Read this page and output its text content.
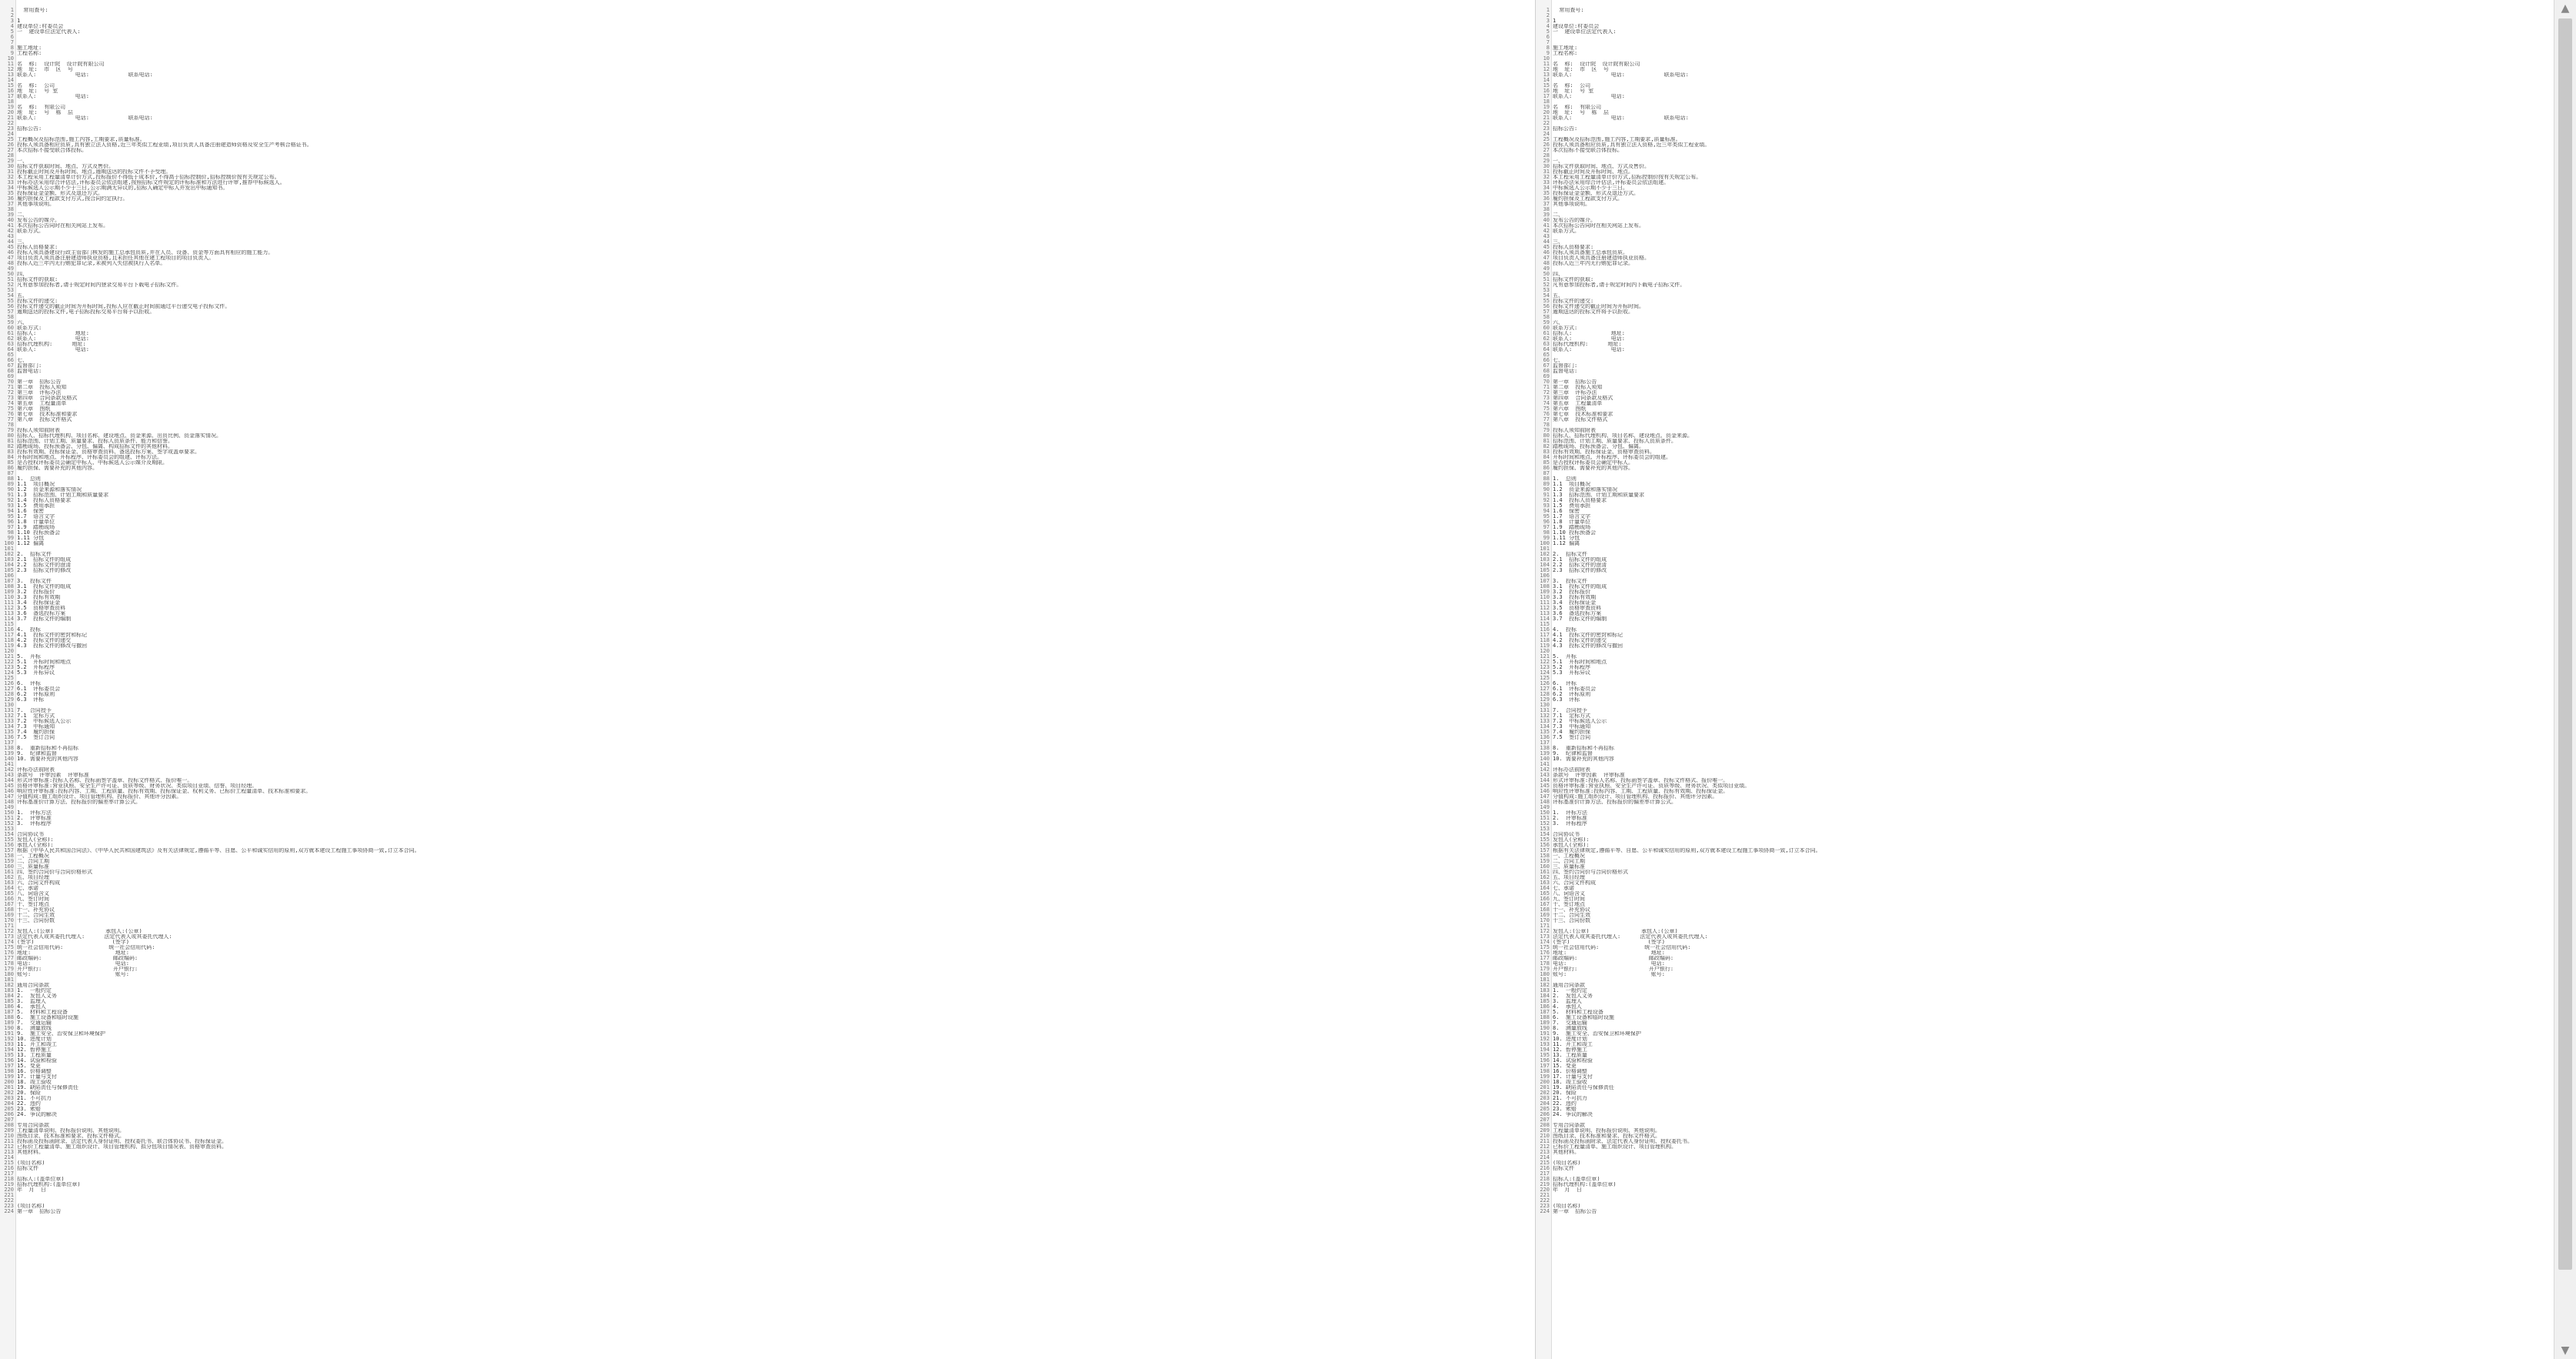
1  常用查号:
2
3 1
4 建设单位:村委员会
5 一  建设单位法定代表人:
6
7
8 施工地址:
9 工程名称:
10
11 名  称:  设计院  设计院有限公司
12 地  址:  市  区  号
13 联系人:            电话:            联系电话:
14
15 名  称:  公司
16 地  址:  号 室
17 联系人:            电话:
18
19 名  称:  有限公司
20 地  址:  号  栋  层
21 联系人:            电话:            联系电话:
22
23 招标公告:
24
25 工程概况及招标范围,施工内容,工期要求,质量标准。
26 投标人须具备相应资质,具有独立法人资格,近三年类似工程业绩,项目负责人具备注册建造师资格及安全生产考核合格证书。
27 本次招标不接受联合体投标。
28
29 一、
30 招标文件获取时间、地点、方式及售价。
31 投标截止时间及开标时间、地点,逾期送达的投标文件不予受理。
32 本工程采用工程量清单计价方式,投标报价不得低于成本价,不得高于招标控制价,招标控制价按有关规定公布。
33 评标办法采用综合评估法,评标委员会依法组建,按照招标文件规定的评标标准和方法进行评审,推荐中标候选人。
34 中标候选人公示期不少于三日,公示期满无异议的,招标人确定中标人并发出中标通知书。
35 投标保证金金额、形式及退还方式。
36 履约担保及工程款支付方式,按合同约定执行。
37 其他事项说明。
38
39 二、
40 发布公告的媒介。
41 本次招标公告同时在相关网站上发布。
42 联系方式。
43
44 三、
45 投标人资格要求:
46 投标人须具备建设行政主管部门核发的施工总承包资质,并在人员、设备、资金等方面具有相应的施工能力。
47 项目负责人须具备注册建造师执业资格,且未担任其他在建工程项目的项目负责人。
48 投标人近三年内无行贿犯罪记录,未被列入失信被执行人名单。
49
50 四、
51 招标文件的获取:
52 凡有意参加投标者,请于规定时间内登录交易平台下载电子招标文件。
53
54 五、
55 投标文件的递交:
56 投标文件递交的截止时间为开标时间,投标人应在截止时间前通过平台递交电子投标文件。
57 逾期送达的投标文件,电子招标投标交易平台将予以拒收。
58
59 六、
60 联系方式:
61 招标人:            地址:
62 联系人:            电话:
63 招标代理机构:      地址:
64 联系人:            电话:
65
66 七、
67 监督部门:
68 监督电话:
69
70 第一章  招标公告
71 第二章  投标人须知
72 第三章  评标办法
73 第四章  合同条款及格式
74 第五章  工程量清单
75 第六章  图纸
76 第七章  技术标准和要求
77 第八章  投标文件格式
78
79 投标人须知前附表
80 招标人、招标代理机构、项目名称、建设地点、资金来源、出资比例、资金落实情况。
81 招标范围、计划工期、质量要求、投标人资质条件、能力和信誉。
82 踏勘现场、投标预备会、分包、偏离、构成招标文件的其他材料。
83 投标有效期、投标保证金、资格审查资料、备选投标方案、签字或盖章要求。
84 开标时间和地点、开标程序、评标委员会的组建、评标方法。
85 是否授权评标委员会确定中标人、中标候选人公示媒介及期限。
86 履约担保、需要补充的其他内容。
87
88 1.  总则
89 1.1  项目概况
90 1.2  资金来源和落实情况
91 1.3  招标范围、计划工期和质量要求
92 1.4  投标人资格要求
93 1.5  费用承担
94 1.6  保密
95 1.7  语言文字
96 1.8  计量单位
97 1.9  踏勘现场
98 1.10 投标预备会
99 1.11 分包
100 1.12 偏离
101
102 2.  招标文件
103 2.1  招标文件的组成
104 2.2  招标文件的澄清
105 2.3  招标文件的修改
106
107 3.  投标文件
108 3.1  投标文件的组成
109 3.2  投标报价
110 3.3  投标有效期
111 3.4  投标保证金
112 3.5  资格审查资料
113 3.6  备选投标方案
114 3.7  投标文件的编制
115
116 4.  投标
117 4.1  投标文件的密封和标记
118 4.2  投标文件的递交
119 4.3  投标文件的修改与撤回
120
121 5.  开标
122 5.1  开标时间和地点
123 5.2  开标程序
124 5.3  开标异议
125
126 6.  评标
127 6.1  评标委员会
128 6.2  评标原则
129 6.3  评标
130
131 7.  合同授予
132 7.1  定标方式
133 7.2  中标候选人公示
134 7.3  中标通知
135 7.4  履约担保
136 7.5  签订合同
137
138 8.  重新招标和不再招标
139 9.  纪律和监督
140 10. 需要补充的其他内容
141
142 评标办法前附表
143 条款号  评审因素  评审标准
144 形式评审标准:投标人名称、投标函签字盖章、投标文件格式、报价唯一。
145 资格评审标准:营业执照、安全生产许可证、资质等级、财务状况、类似项目业绩、信誉、项目经理。
146 响应性评审标准:投标内容、工期、工程质量、投标有效期、投标保证金、权利义务、已标价工程量清单、技术标准和要求。
147 分值构成:施工组织设计、项目管理机构、投标报价、其他评分因素。
148 评标基准价计算方法、投标报价的偏差率计算公式。
149
150 1.  评标方法
151 2.  评审标准
152 3.  评标程序
153
154 合同协议书
155 发包人(全称):
156 承包人(全称):
157 根据《中华人民共和国合同法》、《中华人民共和国建筑法》及有关法律规定,遵循平等、自愿、公平和诚实信用的原则,双方就本建设工程施工事项协商一致,订立本合同。
158 一、工程概况
159 二、合同工期
160 三、质量标准
161 四、签约合同价与合同价格形式
162 五、项目经理
163 六、合同文件构成
164 七、承诺
165 八、词语含义
166 九、签订时间
167 十、签订地点
168 十一、补充协议
169 十二、合同生效
170 十三、合同份数
171
172 发包人:(公章)                承包人:(公章)
173 法定代表人或其委托代理人:      法定代表人或其委托代理人:
174 (签字)                        (签字)
175 统一社会信用代码:              统一社会信用代码:
176 地址:                          地址:
177 邮政编码:                      邮政编码:
178 电话:                          电话:
179 开户银行:                      开户银行:
180 账号:                          账号:
181
182 通用合同条款
183 1.  一般约定
184 2.  发包人义务
185 3.  监理人
186 4.  承包人
187 5.  材料和工程设备
188 6.  施工设备和临时设施
189 7.  交通运输
190 8.  测量放线
191 9.  施工安全、治安保卫和环境保护
192 10. 进度计划
193 11. 开工和竣工
194 12. 暂停施工
195 13. 工程质量
196 14. 试验和检验
197 15. 变更
198 16. 价格调整
199 17. 计量与支付
200 18. 竣工验收
201 19. 缺陷责任与保修责任
202 20. 保险
203 21. 不可抗力
204 22. 违约
205 23. 索赔
206 24. 争议的解决
207
208 专用合同条款
209 工程量清单说明、投标报价说明、其他说明。
210 图纸目录、技术标准和要求、投标文件格式。
211 投标函及投标函附录、法定代表人身份证明、授权委托书、联合体协议书、投标保证金。
212 已标价工程量清单、施工组织设计、项目管理机构、拟分包项目情况表、资格审查资料。
213 其他材料。
214
215 (项目名称)
216 招标文件
217
218 招标人:(盖单位章)
219 招标代理机构:(盖单位章)
220 年  月  日
221
222
223 (项目名称)
224 第一章  招标公告
1  常用查号:
2
3 1
4 建设单位:村委员会
5 一  建设单位法定代表人:
6
7
8 施工地址:
9 工程名称:
10
11 名  称:  设计院  设计院有限公司
12 地  址:  市  区  号
13 联系人:            电话:            联系电话:
14
15 名  称:  公司
16 地  址:  号 室
17 联系人:            电话:
18
19 名  称:  有限公司
20 地  址:  号  栋  层
21 联系人:            电话:            联系电话:
22
23 招标公告:
24
25 工程概况及招标范围,施工内容,工期要求,质量标准。
26 投标人须具备相应资质,具有独立法人资格,近三年类似工程业绩。
27 本次招标不接受联合体投标。
28
29 一、
30 招标文件获取时间、地点、方式及售价。
31 投标截止时间及开标时间、地点。
32 本工程采用工程量清单计价方式,招标控制价按有关规定公布。
33 评标办法采用综合评估法,评标委员会依法组建。
34 中标候选人公示期不少于三日。
35 投标保证金金额、形式及退还方式。
36 履约担保及工程款支付方式。
37 其他事项说明。
38
39 二、
40 发布公告的媒介。
41 本次招标公告同时在相关网站上发布。
42 联系方式。
43
44 三、
45 投标人资格要求:
46 投标人须具备施工总承包资质。
47 项目负责人须具备注册建造师执业资格。
48 投标人近三年内无行贿犯罪记录。
49
50 四、
51 招标文件的获取:
52 凡有意参加投标者,请于规定时间内下载电子招标文件。
53
54 五、
55 投标文件的递交:
56 投标文件递交的截止时间为开标时间。
57 逾期送达的投标文件将予以拒收。
58
59 六、
60 联系方式:
61 招标人:            地址:
62 联系人:            电话:
63 招标代理机构:      地址:
64 联系人:            电话:
65
66 七、
67 监督部门:
68 监督电话:
69
70 第一章  招标公告
71 第二章  投标人须知
72 第三章  评标办法
73 第四章  合同条款及格式
74 第五章  工程量清单
75 第六章  图纸
76 第七章  技术标准和要求
77 第八章  投标文件格式
78
79 投标人须知前附表
80 招标人、招标代理机构、项目名称、建设地点、资金来源。
81 招标范围、计划工期、质量要求、投标人资质条件。
82 踏勘现场、投标预备会、分包、偏离。
83 投标有效期、投标保证金、资格审查资料。
84 开标时间和地点、开标程序、评标委员会的组建。
85 是否授权评标委员会确定中标人。
86 履约担保、需要补充的其他内容。
87
88 1.  总则
89 1.1  项目概况
90 1.2  资金来源和落实情况
91 1.3  招标范围、计划工期和质量要求
92 1.4  投标人资格要求
93 1.5  费用承担
94 1.6  保密
95 1.7  语言文字
96 1.8  计量单位
97 1.9  踏勘现场
98 1.10 投标预备会
99 1.11 分包
100 1.12 偏离
101
102 2.  招标文件
103 2.1  招标文件的组成
104 2.2  招标文件的澄清
105 2.3  招标文件的修改
106
107 3.  投标文件
108 3.1  投标文件的组成
109 3.2  投标报价
110 3.3  投标有效期
111 3.4  投标保证金
112 3.5  资格审查资料
113 3.6  备选投标方案
114 3.7  投标文件的编制
115
116 4.  投标
117 4.1  投标文件的密封和标记
118 4.2  投标文件的递交
119 4.3  投标文件的修改与撤回
120
121 5.  开标
122 5.1  开标时间和地点
123 5.2  开标程序
124 5.3  开标异议
125
126 6.  评标
127 6.1  评标委员会
128 6.2  评标原则
129 6.3  评标
130
131 7.  合同授予
132 7.1  定标方式
133 7.2  中标候选人公示
134 7.3  中标通知
135 7.4  履约担保
136 7.5  签订合同
137
138 8.  重新招标和不再招标
139 9.  纪律和监督
140 10. 需要补充的其他内容
141
142 评标办法前附表
143 条款号  评审因素  评审标准
144 形式评审标准:投标人名称、投标函签字盖章、投标文件格式、报价唯一。
145 资格评审标准:营业执照、安全生产许可证、资质等级、财务状况、类似项目业绩。
146 响应性评审标准:投标内容、工期、工程质量、投标有效期、投标保证金。
147 分值构成:施工组织设计、项目管理机构、投标报价、其他评分因素。
148 评标基准价计算方法、投标报价的偏差率计算公式。
149
150 1.  评标方法
151 2.  评审标准
152 3.  评标程序
153
154 合同协议书
155 发包人(全称):
156 承包人(全称):
157 根据有关法律规定,遵循平等、自愿、公平和诚实信用的原则,双方就本建设工程施工事项协商一致,订立本合同。
158 一、工程概况
159 二、合同工期
160 三、质量标准
161 四、签约合同价与合同价格形式
162 五、项目经理
163 六、合同文件构成
164 七、承诺
165 八、词语含义
166 九、签订时间
167 十、签订地点
168 十一、补充协议
169 十二、合同生效
170 十三、合同份数
171
172 发包人:(公章)                承包人:(公章)
173 法定代表人或其委托代理人:      法定代表人或其委托代理人:
174 (签字)                        (签字)
175 统一社会信用代码:              统一社会信用代码:
176 地址:                          地址:
177 邮政编码:                      邮政编码:
178 电话:                          电话:
179 开户银行:                      开户银行:
180 账号:                          账号:
181
182 通用合同条款
183 1.  一般约定
184 2.  发包人义务
185 3.  监理人
186 4.  承包人
187 5.  材料和工程设备
188 6.  施工设备和临时设施
189 7.  交通运输
190 8.  测量放线
191 9.  施工安全、治安保卫和环境保护
192 10. 进度计划
193 11. 开工和竣工
194 12. 暂停施工
195 13. 工程质量
196 14. 试验和检验
197 15. 变更
198 16. 价格调整
199 17. 计量与支付
200 18. 竣工验收
201 19. 缺陷责任与保修责任
202 20. 保险
203 21. 不可抗力
204 22. 违约
205 23. 索赔
206 24. 争议的解决
207
208 专用合同条款
209 工程量清单说明、投标报价说明、其他说明。
210 图纸目录、技术标准和要求、投标文件格式。
211 投标函及投标函附录、法定代表人身份证明、授权委托书。
212 已标价工程量清单、施工组织设计、项目管理机构。
213 其他材料。
214
215 (项目名称)
216 招标文件
217
218 招标人:(盖单位章)
219 招标代理机构:(盖单位章)
220 年  月  日
221
222
223 (项目名称)
224 第一章  招标公告
▲
▼
